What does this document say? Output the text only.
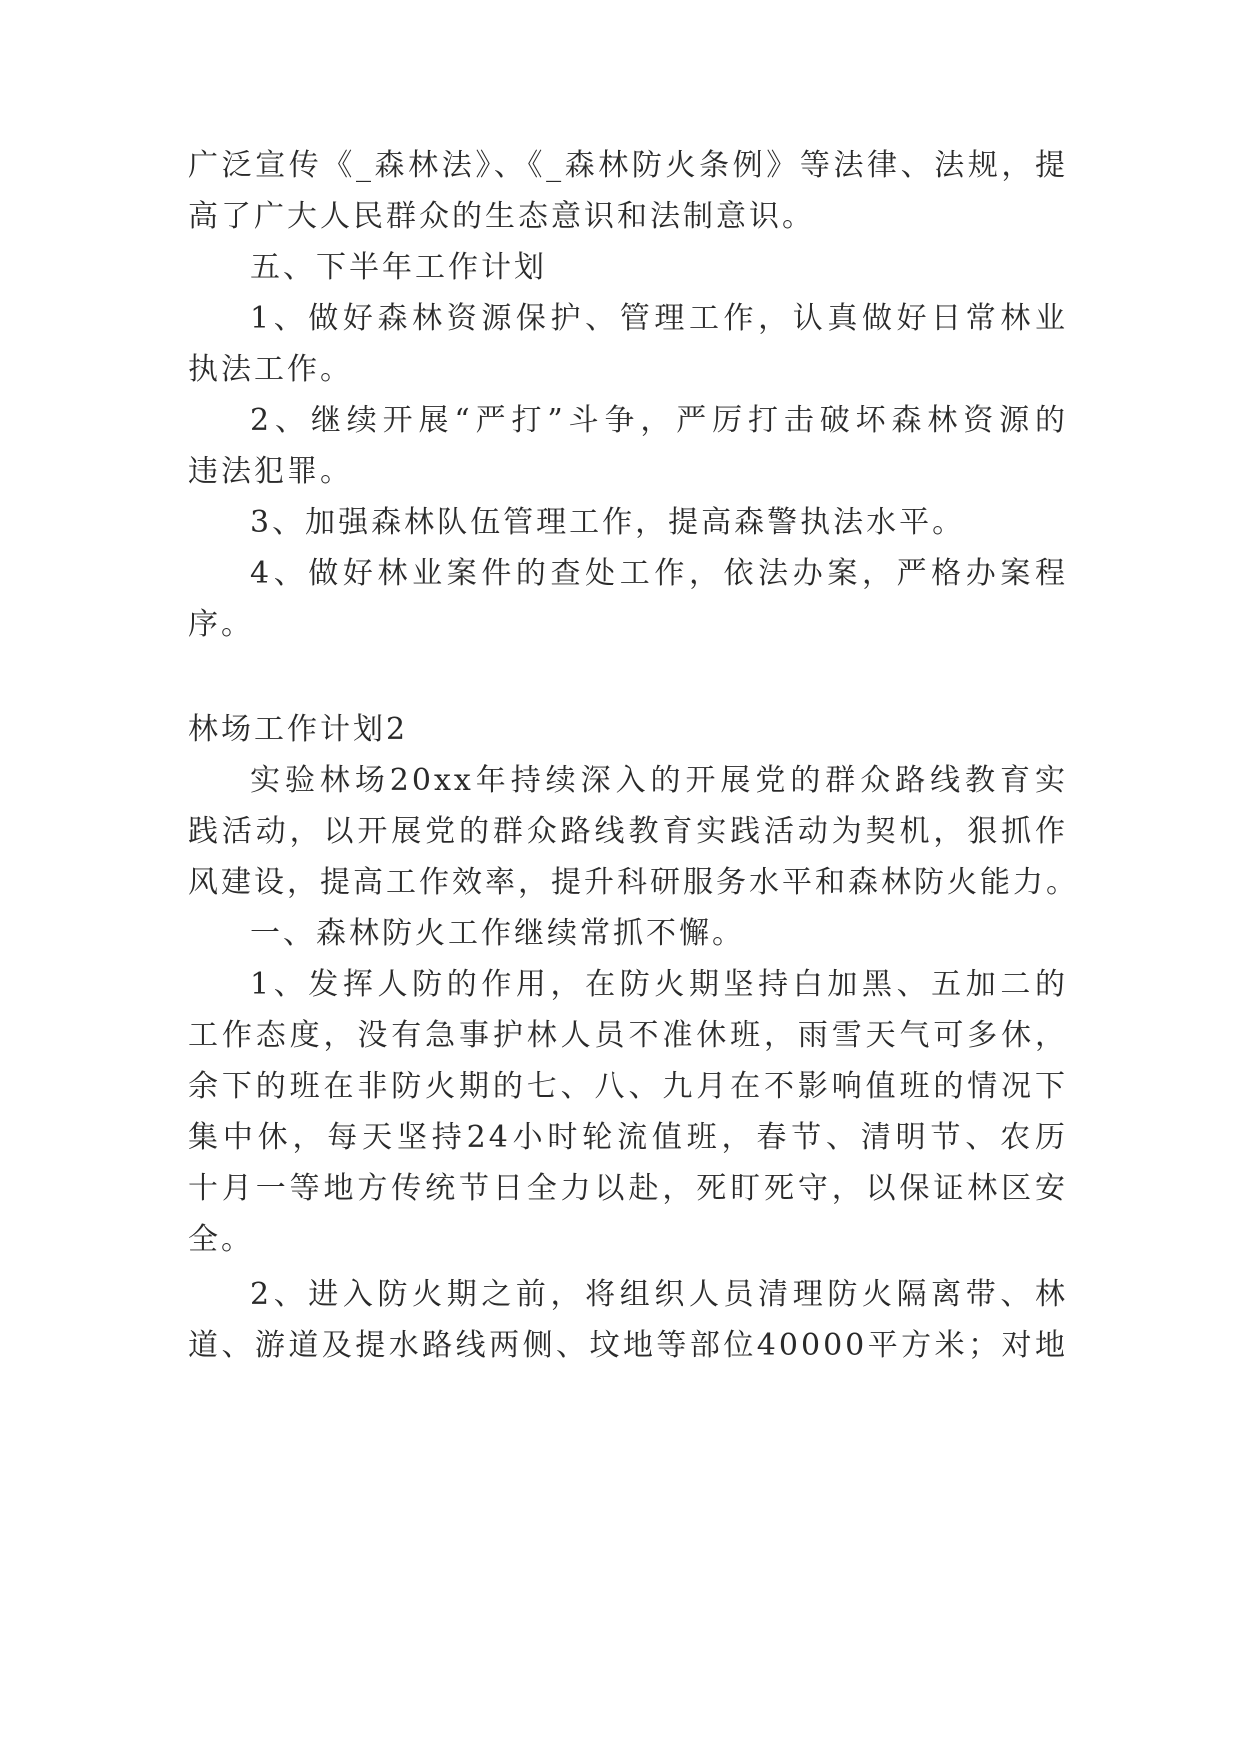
广泛宣传《_森林法》、《_森林防火条例》等法律、法规，提
高了广大人民群众的生态意识和法制意识。
五、下半年工作计划
1、做好森林资源保护、管理工作，认真做好日常林业
执法工作。
2、继续开展“严打”斗争，严厉打击破坏森林资源的
违法犯罪。
3、加强森林队伍管理工作，提高森警执法水平。
4、做好林业案件的查处工作，依法办案，严格办案程
序。
林场工作计划2
实验林场20xx年持续深入的开展党的群众路线教育实
践活动，以开展党的群众路线教育实践活动为契机，狠抓作
风建设，提高工作效率，提升科研服务水平和森林防火能力。
一、森林防火工作继续常抓不懈。
1、发挥人防的作用，在防火期坚持白加黑、五加二的
工作态度，没有急事护林人员不准休班，雨雪天气可多休，
余下的班在非防火期的七、八、九月在不影响值班的情况下
集中休，每天坚持24小时轮流值班，春节、清明节、农历
十月一等地方传统节日全力以赴，死盯死守，以保证林区安
全。
2、进入防火期之前，将组织人员清理防火隔离带、林
道、游道及提水路线两侧、坟地等部位40000平方米；对地
